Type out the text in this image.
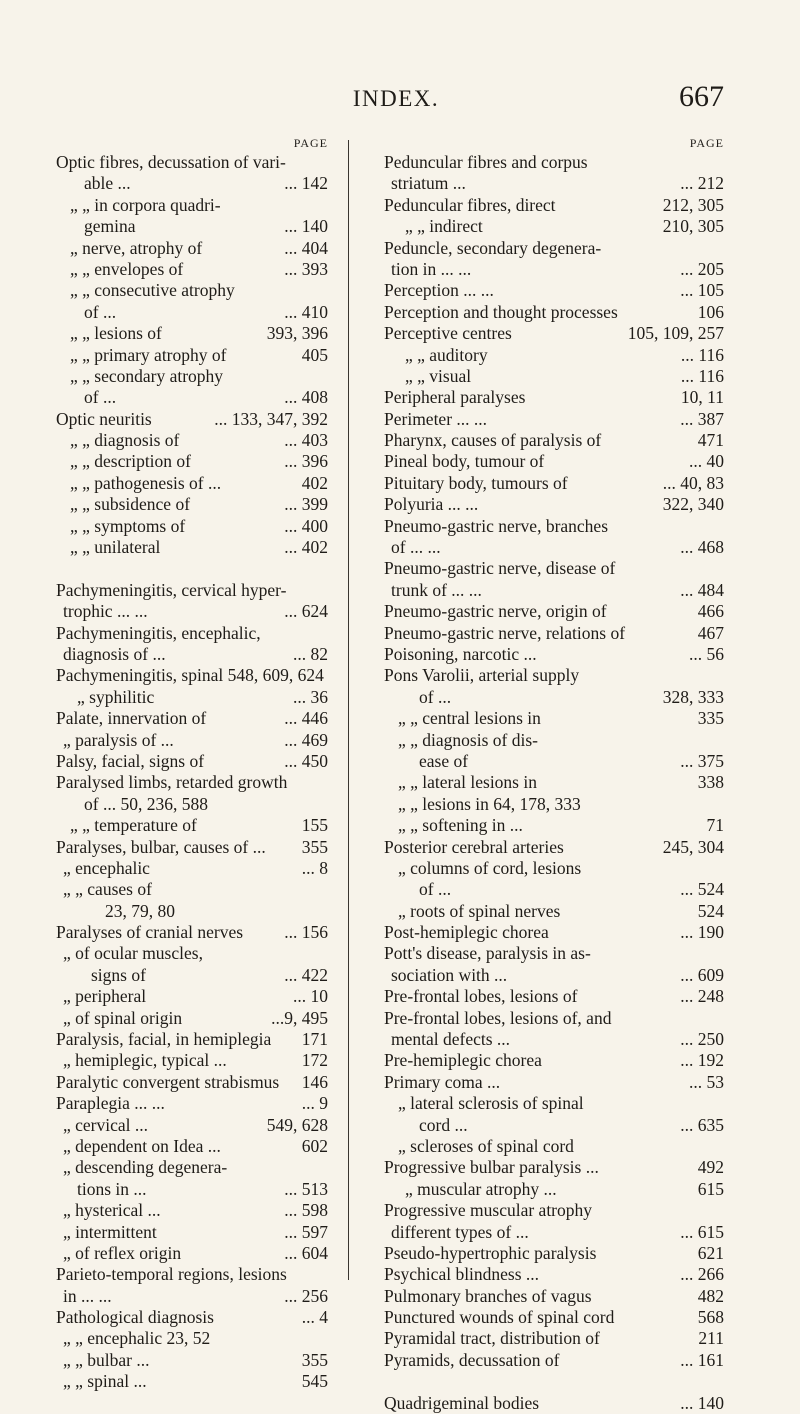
INDEX.	667
PAGE
Optic fibres, decussation of vari-
able ...	... 142
„ „ in corpora quadri-
gemina	... 140
„ nerve, atrophy of	... 404
„ „ envelopes of	... 393
„ „ consecutive atrophy
of ...	... 410
„ „ lesions of	393, 396
„ „ primary atrophy of	405
„ „ secondary atrophy
of ...	... 408
Optic neuritis	... 133, 347, 392
„ „ diagnosis of	... 403
„ „ description of	... 396
„ „ pathogenesis of ...	402
„ „ subsidence of	... 399
„ „ symptoms of	... 400
„ „ unilateral	... 402
Pachymeningitis, cervical hyper-
trophic ... ...	... 624
Pachymeningitis, encephalic,
diagnosis of ...	... 82
Pachymeningitis, spinal 548, 609, 624
„ syphilitic	... 36
Palate, innervation of	... 446
„ paralysis of ...	... 469
Palsy, facial, signs of	... 450
Paralysed limbs, retarded growth
of ... 50, 236, 588
„ „ temperature of	155
Paralyses, bulbar, causes of ... 355
„ encephalic	... 8
„ „ causes of
23, 79, 80
Paralyses of cranial nerves ... 156
„ of ocular muscles,
signs of	... 422
„ peripheral	... 10
„ of spinal origin	...9, 495
Paralysis, facial, in hemiplegia 171
„ hemiplegic, typical ...	172
Paralytic convergent strabismus 146
Paraplegia ... ...	... 9
„ cervical ...	549, 628
„ dependent on Idea ...	602
„ descending degenera-
tions in ...	... 513
„ hysterical ...	... 598
„ intermittent	... 597
„ of reflex origin	... 604
Parieto-temporal regions, lesions
in ... ...	... 256
Pathological diagnosis	... 4
„ „ encephalic 23, 52
„ „ bulbar ...	355
„ „ spinal ...	545
PAGE
Peduncular fibres and corpus
striatum ...	... 212
Peduncular fibres, direct	212, 305
„ „ indirect	210, 305
Peduncle, secondary degenera-
tion in ... ...	... 205
Perception ... ...	... 105
Perception and thought processes	106
Perceptive centres	105, 109, 257
„ „ auditory	... 116
„ „ visual	... 116
Peripheral paralyses	10, 11
Perimeter ... ...	... 387
Pharynx, causes of paralysis of	471
Pineal body, tumour of	... 40
Pituitary body, tumours of	... 40, 83
Polyuria ... ...	322, 340
Pneumo-gastric nerve, branches
of ... ...	... 468
Pneumo-gastric nerve, disease of
trunk of ... ...	... 484
Pneumo-gastric nerve, origin of	466
Pneumo-gastric nerve, relations of	467
Poisoning, narcotic ...	... 56
Pons Varolii, arterial supply
of ...	328, 333
„ „ central lesions in	335
„ „ diagnosis of dis-
ease of	... 375
„ „ lateral lesions in	338
„ „ lesions in 64, 178, 333
„ „ softening in ...	71
Posterior cerebral arteries	245, 304
„ columns of cord, lesions
of ...	... 524
„ roots of spinal nerves	524
Post-hemiplegic chorea	... 190
Pott's disease, paralysis in as-
sociation with ...	... 609
Pre-frontal lobes, lesions of	... 248
Pre-frontal lobes, lesions of, and
mental defects ...	... 250
Pre-hemiplegic chorea	... 192
Primary coma ...	... 53
„ lateral sclerosis of spinal
cord ...	... 635
„ scleroses of spinal cord
Progressive bulbar paralysis ...	492
„ muscular atrophy ...	615
Progressive muscular atrophy
different types of ...	... 615
Pseudo-hypertrophic paralysis	621
Psychical blindness ...	... 266
Pulmonary branches of vagus	482
Punctured wounds of spinal cord	568
Pyramidal tract, distribution of	211
Pyramids, decussation of	... 161
Quadrigeminal bodies	... 140
